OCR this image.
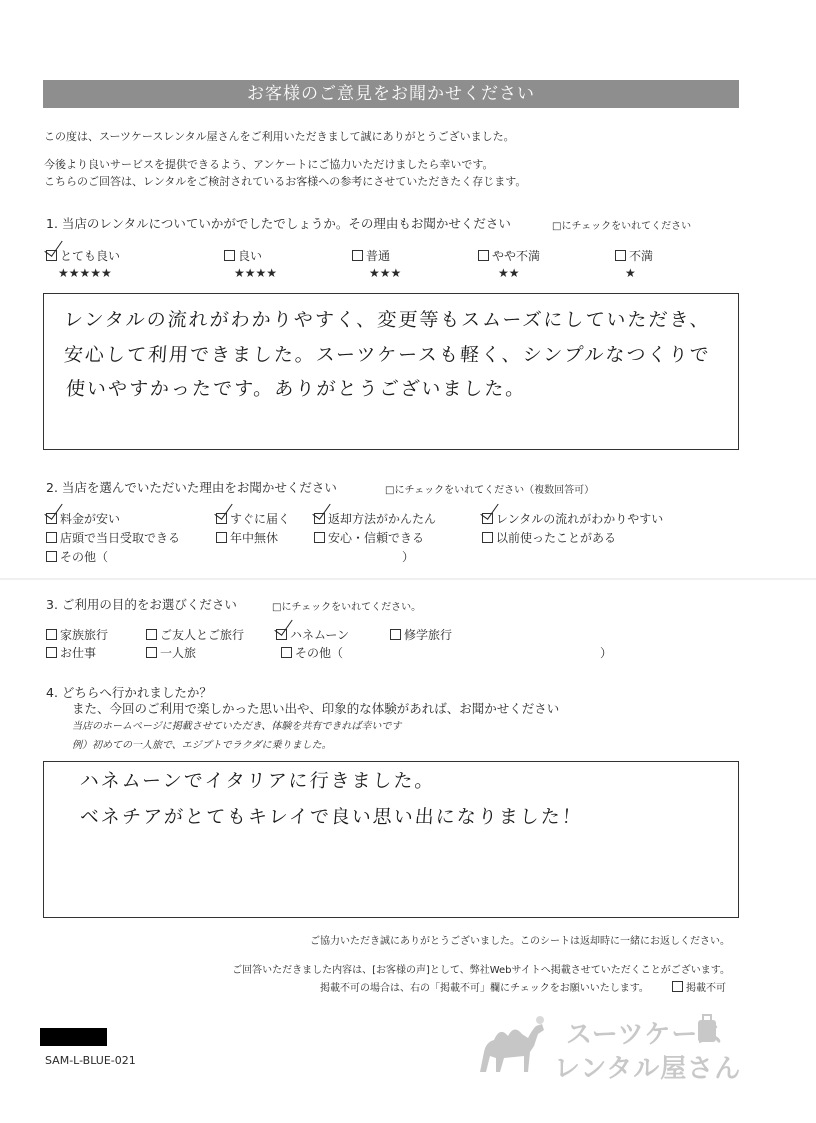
お客様のご意見をお聞かせください
この度は、スーツケースレンタル屋さんをご利用いただきまして誠にありがとうございました。
今後より良いサービスを提供できるよう、アンケートにご協力いただけましたら幸いです。
こちらのご回答は、レンタルをご検討されているお客様への参考にさせていただきたく存じます。
1. 当店のレンタルについていかがでしたでしょうか。その理由もお聞かせください	□にチェックをいれてください
とても良い	良い	普通	やや不満	不満
★★★★★	★★★★	★★★	★★	★
レンタルの流れがわかりやすく、変更等もスムーズにしていただき、
安心して利用できました。スーツケースも軽く、シンプルなつくりで
使いやすかったです。ありがとうございました。
2. 当店を選んでいただいた理由をお聞かせください	□にチェックをいれてください（複数回答可）
料金が安い	すぐに届く	返却方法がかんたん	レンタルの流れがわかりやすい
店頭で当日受取できる	年中無休	安心・信頼できる	以前使ったことがある
その他（	）
3. ご利用の目的をお選びください	□にチェックをいれてください。
家族旅行	ご友人とご旅行	ハネムーン	修学旅行
お仕事	一人旅	その他（	）
4. どちらへ行かれましたか？
また、今回のご利用で楽しかった思い出や、印象的な体験があれば、お聞かせください
当店のホームページに掲載させていただき、体験を共有できれば幸いです
例）初めての一人旅で、エジプトでラクダに乗りました。
ハネムーンでイタリアに行きました。
ベネチアがとてもキレイで良い思い出になりました！
ご協力いただき誠にありがとうございました。このシートは返却時に一緒にお返しください。
ご回答いただきました内容は、[お客様の声]として、弊社Webサイトへ掲載させていただくことがございます。
掲載不可の場合は、右の「掲載不可」欄にチェックをお願いいたします。	掲載不可
SAM-L-BLUE-021
スーツケース
レンタル屋さん
